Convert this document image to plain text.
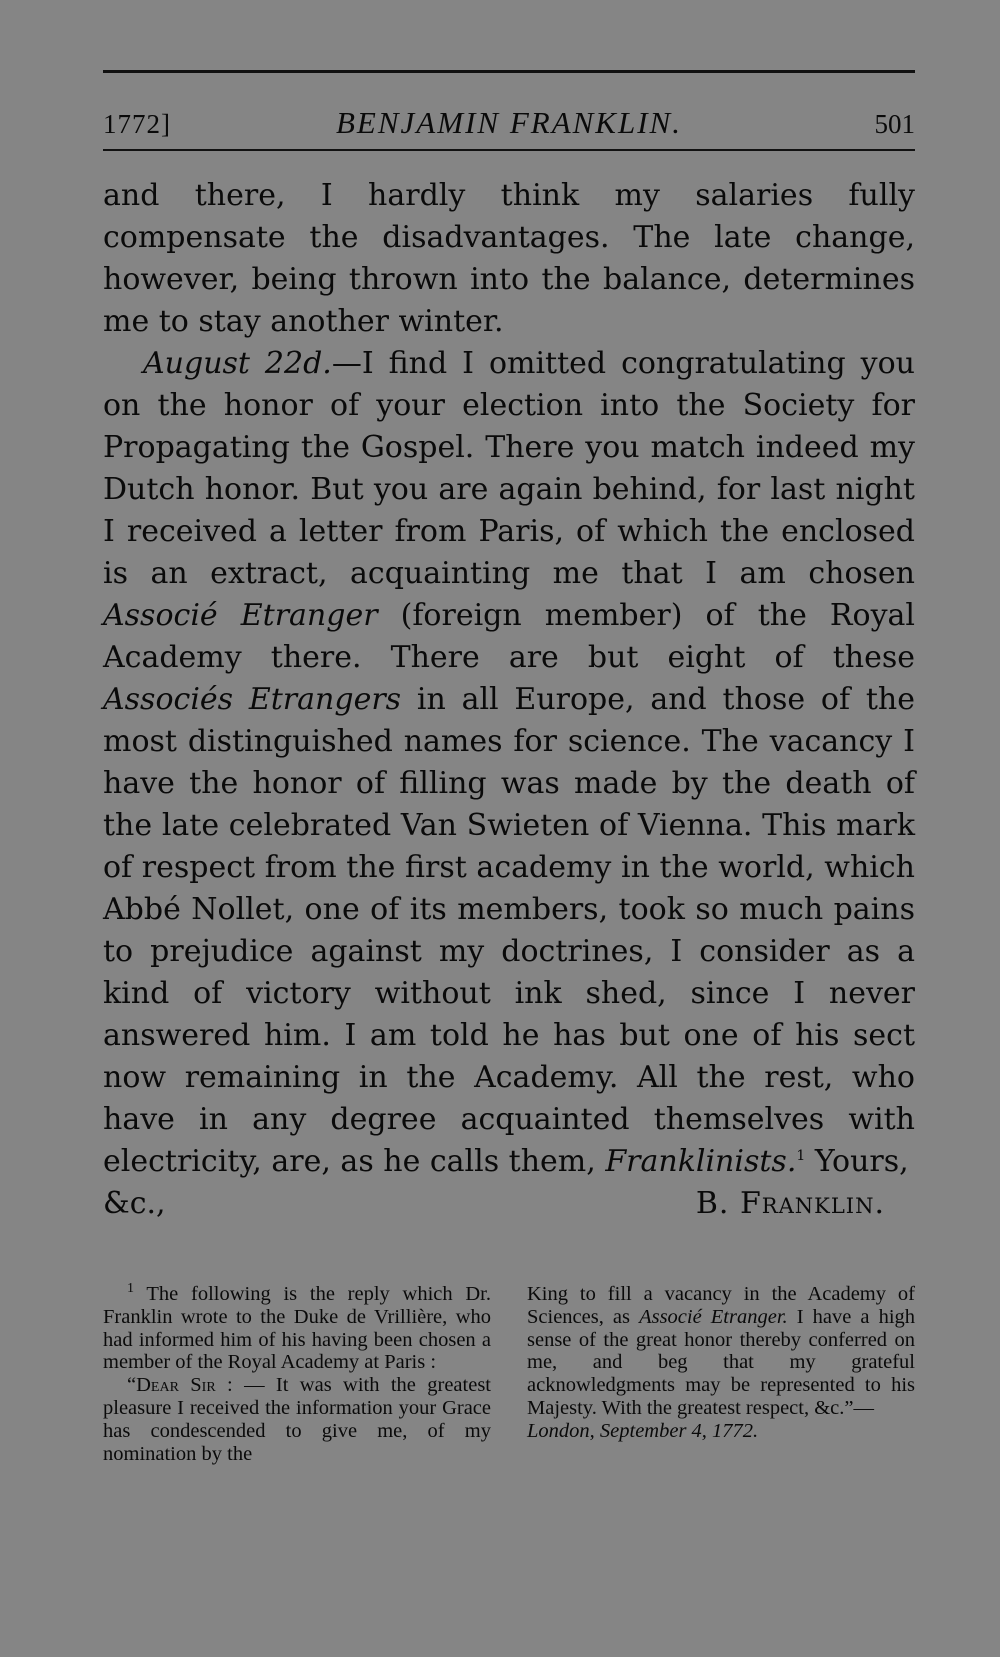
1772]	BENJAMIN FRANKLIN.	501

and there, I hardly think my salaries fully compensate the disadvantages. The late change, however, being thrown into the balance, determines me to stay another winter.

August 22d.—I find I omitted congratulating you on the honor of your election into the Society for Propagating the Gospel. There you match indeed my Dutch honor. But you are again behind, for last night I received a letter from Paris, of which the enclosed is an extract, acquainting me that I am chosen Associé Etranger (foreign member) of the Royal Academy there. There are but eight of these Associés Etrangers in all Europe, and those of the most distinguished names for science. The vacancy I have the honor of filling was made by the death of the late celebrated Van Swieten of Vienna. This mark of respect from the first academy in the world, which Abbé Nollet, one of its members, took so much pains to prejudice against my doctrines, I consider as a kind of victory without ink shed, since I never answered him. I am told he has but one of his sect now remaining in the Academy. All the rest, who have in any degree acquainted themselves with electricity, are, as he calls them, Franklinists.$^1$ Yours,

&c.,	B. Franklin.

$^1$ The following is the reply which Dr. Franklin wrote to the Duke de Vrillière, who had informed him of his having been chosen a member of the Royal Academy at Paris :

“Dear Sir : — It was with the greatest pleasure I received the information your Grace has condescended to give me, of my nomination by the

King to fill a vacancy in the Academy of Sciences, as Associé Etranger. I have a high sense of the great honor thereby conferred on me, and beg that my grateful acknowledgments may be represented to his Majesty. With the greatest respect, &c.”—
London, September 4, 1772.
